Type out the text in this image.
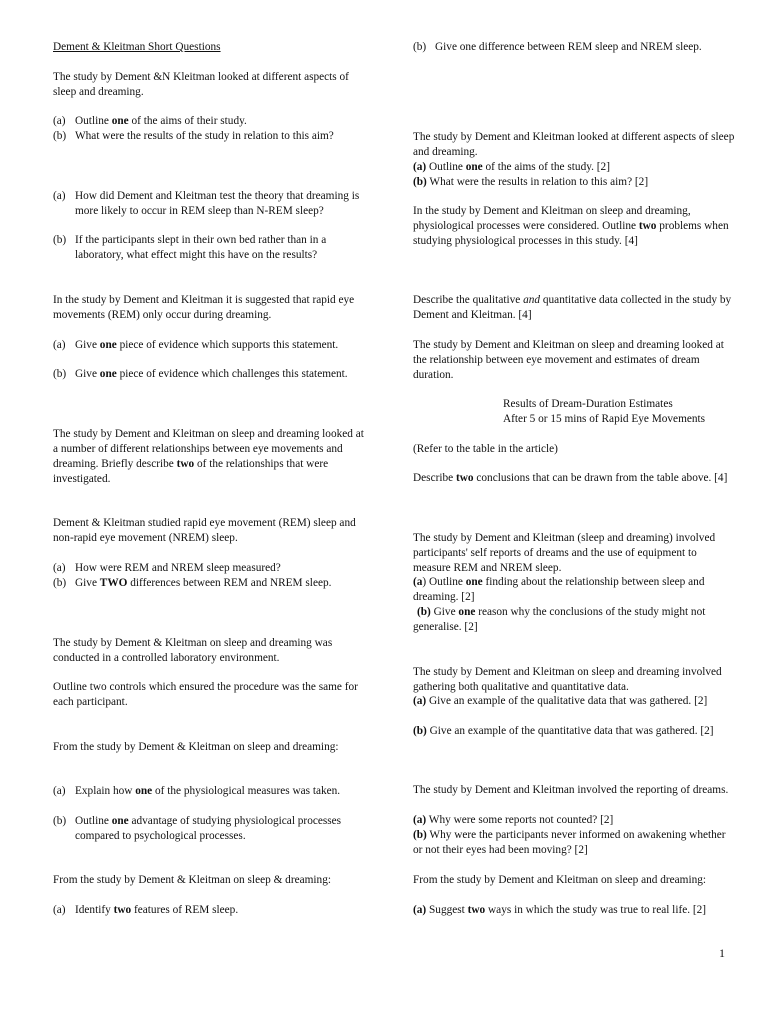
Dement & Kleitman Short Questions

The study by Dement &N Kleitman looked at different aspects of sleep and dreaming.

(a) Outline one of the aims of their study.
(b) What were the results of the study in relation to this aim?
(a) How did Dement and Kleitman test the theory that dreaming is more likely to occur in REM sleep than N-REM sleep?
(b) If the participants slept in their own bed rather than in a laboratory, what effect might this have on the results?

In the study by Dement and Kleitman it is suggested that rapid eye movements (REM) only occur during dreaming.

(a) Give one piece of evidence which supports this statement.
(b) Give one piece of evidence which challenges this statement.

The study by Dement and Kleitman on sleep and dreaming looked at a number of different relationships between eye movements and dreaming. Briefly describe two of the relationships that were investigated.

Dement & Kleitman studied rapid eye movement (REM) sleep and non-rapid eye movement (NREM) sleep.

(a) How were REM and NREM sleep measured?
(b) Give TWO differences between REM and NREM sleep.

The study by Dement & Kleitman on sleep and dreaming was conducted in a controlled laboratory environment.

Outline two controls which ensured the procedure was the same for each participant.

From the study by Dement & Kleitman on sleep and dreaming:

(a) Explain how one of the physiological measures was taken.
(b) Outline one advantage of studying physiological processes compared to psychological processes.

From the study by Dement & Kleitman on sleep & dreaming:

(a) Identify two features of REM sleep.
(b) Give one difference between REM sleep and NREM sleep.

The study by Dement and Kleitman looked at different aspects of sleep and dreaming.

(a) Outline one of the aims of the study. [2]

(b) What were the results in relation to this aim? [2]

In the study by Dement and Kleitman on sleep and dreaming, physiological processes were considered. Outline two problems when studying physiological processes in this study. [4]

Describe the qualitative and quantitative data collected in the study by Dement and Kleitman. [4]

The study by Dement and Kleitman on sleep and dreaming looked at the relationship between eye movement and estimates of dream duration.

Results of Dream-Duration Estimates

After 5 or 15 mins of Rapid Eye Movements

(Refer to the table in the article)

Describe two conclusions that can be drawn from the table above. [4]

The study by Dement and Kleitman (sleep and dreaming) involved participants' self reports of dreams and the use of equipment to measure REM and NREM sleep.

(a) Outline one finding about the relationship between sleep and dreaming. [2]

(b) Give one reason why the conclusions of the study might not generalise. [2]

The study by Dement and Kleitman on sleep and dreaming involved gathering both qualitative and quantitative data.

(a) Give an example of the qualitative data that was gathered. [2]

(b) Give an example of the quantitative data that was gathered. [2]

The study by Dement and Kleitman involved the reporting of dreams.

(a) Why were some reports not counted? [2]

(b) Why were the participants never informed on awakening whether or not their eyes had been moving? [2]

From the study by Dement and Kleitman on sleep and dreaming:

(a) Suggest two ways in which the study was true to real life. [2]

1
